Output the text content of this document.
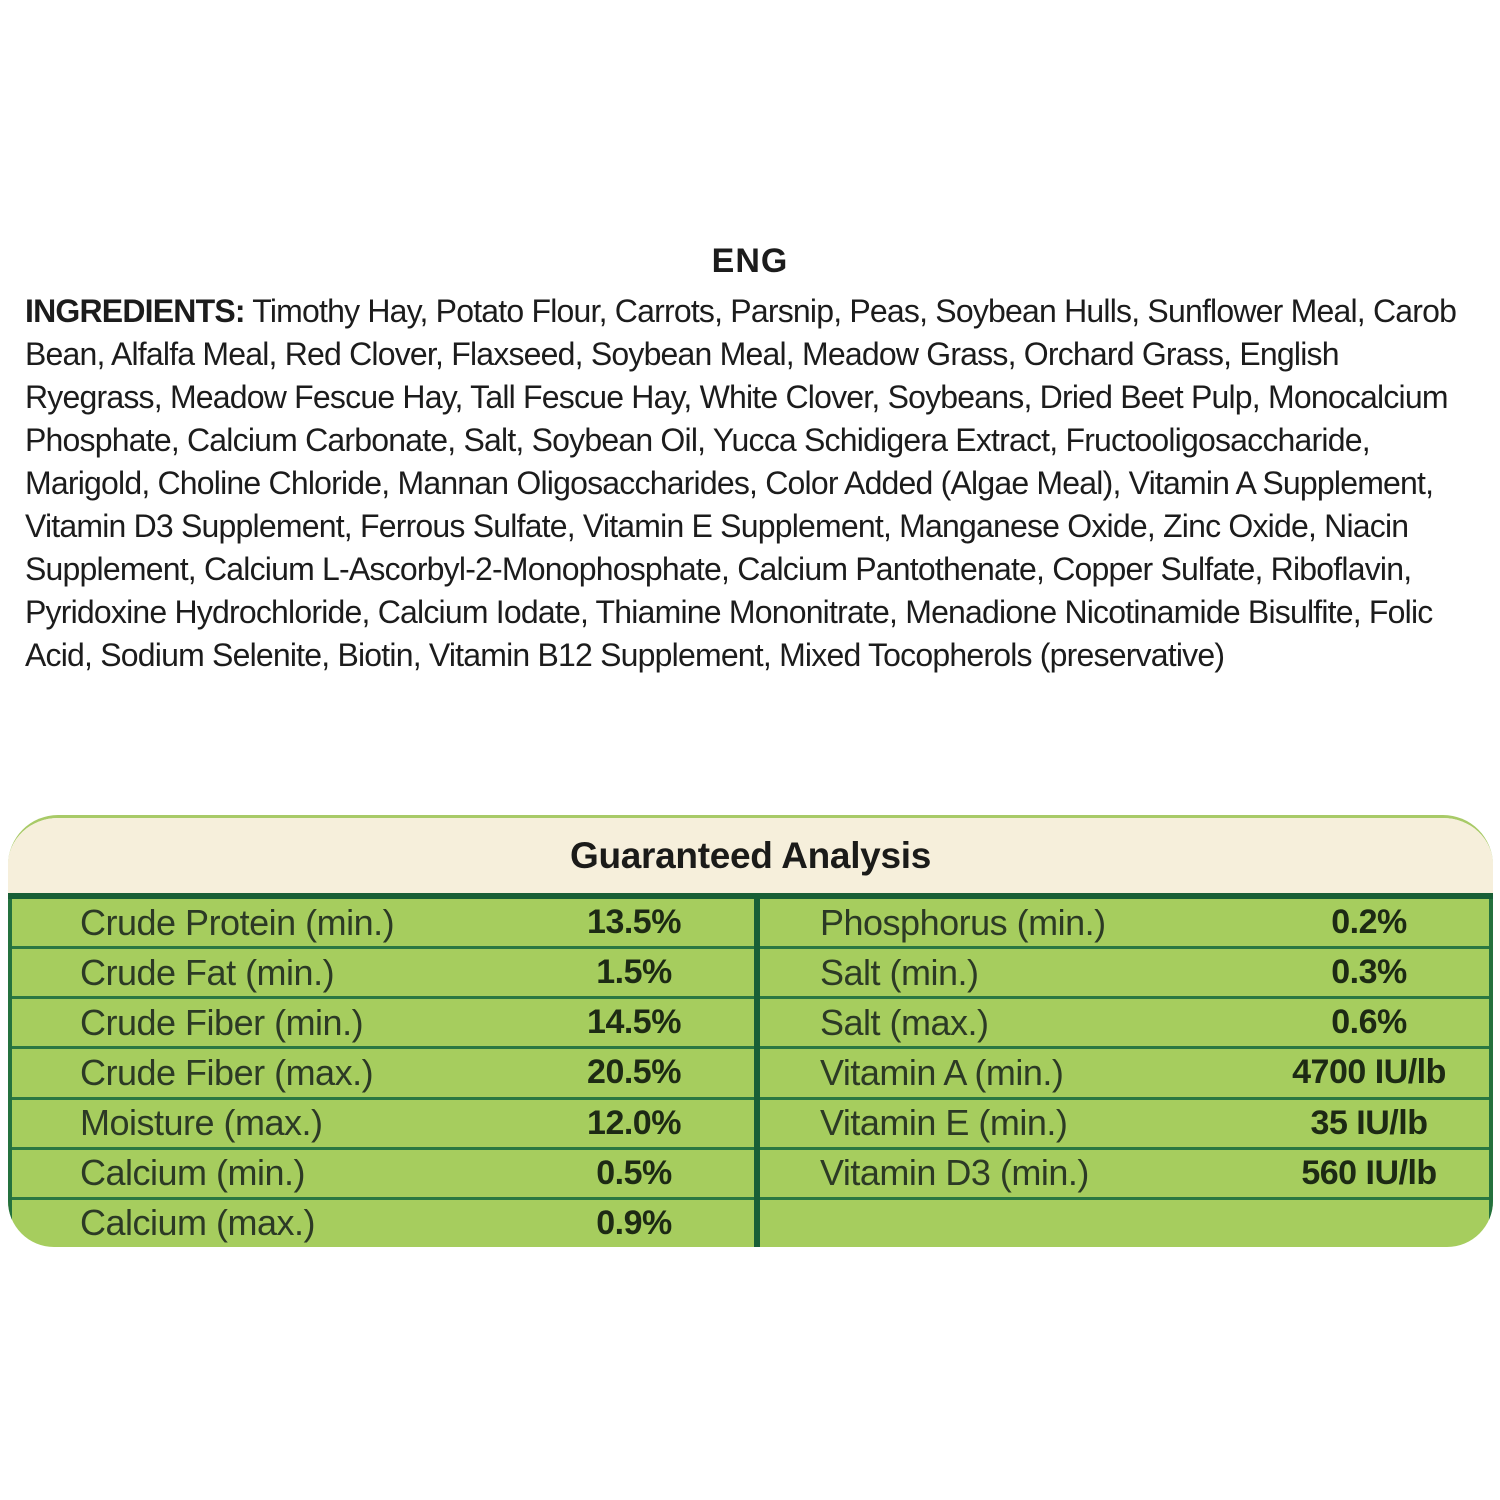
ENG
INGREDIENTS: Timothy Hay, Potato Flour, Carrots, Parsnip, Peas, Soybean Hulls, Sunflower Meal, Carob Bean, Alfalfa Meal, Red Clover, Flaxseed, Soybean Meal, Meadow Grass, Orchard Grass, English Ryegrass, Meadow Fescue Hay, Tall Fescue Hay, White Clover, Soybeans, Dried Beet Pulp, Monocalcium Phosphate, Calcium Carbonate, Salt, Soybean Oil, Yucca Schidigera Extract, Fructooligosaccharide, Marigold, Choline Chloride, Mannan Oligosaccharides, Color Added (Algae Meal), Vitamin A Supplement, Vitamin D3 Supplement, Ferrous Sulfate, Vitamin E Supplement, Manganese Oxide, Zinc Oxide, Niacin Supplement, Calcium L-Ascorbyl-2-Monophosphate, Calcium Pantothenate, Copper Sulfate, Riboflavin, Pyridoxine Hydrochloride, Calcium Iodate, Thiamine Mononitrate, Menadione Nicotinamide Bisulfite, Folic Acid, Sodium Selenite, Biotin, Vitamin B12 Supplement, Mixed Tocopherols (preservative)
Guaranteed Analysis
Crude Protein (min.)	13.5%
Crude Fat (min.)	1.5%
Crude Fiber (min.)	14.5%
Crude Fiber (max.)	20.5%
Moisture (max.)	12.0%
Calcium (min.)	0.5%
Calcium (max.)	0.9%
Phosphorus (min.)	0.2%
Salt (min.)	0.3%
Salt (max.)	0.6%
Vitamin A (min.)	4700 IU/lb
Vitamin E (min.)	35 IU/lb
Vitamin D3 (min.)	560 IU/lb
